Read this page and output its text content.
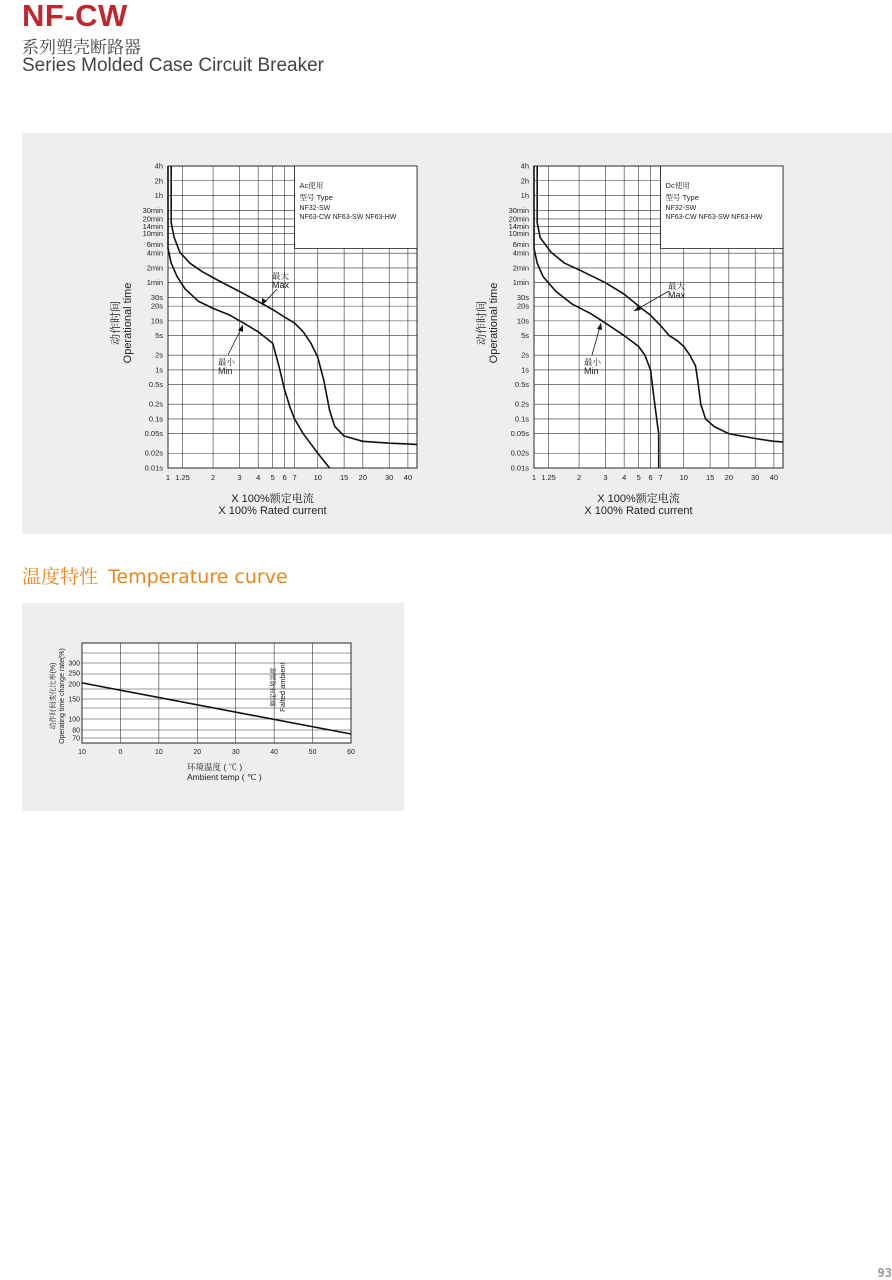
NF-CW
系列塑壳断路器
Series Molded Case Circuit Breaker
1 1.25	2	3 4 5 6 7 10 15 20 30 40
4h
2h
1h
30min
20min
14min
10min
6min
4min
2min
1min
30s
20s
10s
5s
2s
1s
0.5s
0.2s
0.1s
0.05s
0.02s
0.01s
Ac使用
型号 Type
NF32-SW
NF63-CW NF63-SW NF63-HW
最大
Max
最小
Min
X 100%额定电流
X 100% Rated current
动作时间 Operational time
1 1.25	2	3 4 5 6 7 10 15 20 30 40
4h
2h
1h
30min
20min
14min
10min
6min
4min
2min
1min
30s
20s
10s
5s
2s
1s
0.5s
0.2s
0.1s
0.05s
0.02s
0.01s
Dc使用
型号 Type
NF32-SW
NF63-CW NF63-SW NF63-HW
最大
Max
最小
Min
X 100%额定电流
X 100% Rated current
动作时间 Operational time
温度特性 Temperature curve
10	0	10	20	30	40	50	60
300
250
200
150
100
80
70
额定环境温度 Falted ambient
环境温度 ( ℃ )
Ambient temp ( ℃ )
动作时间变化比率(%) Operating time change rate(%)
93
